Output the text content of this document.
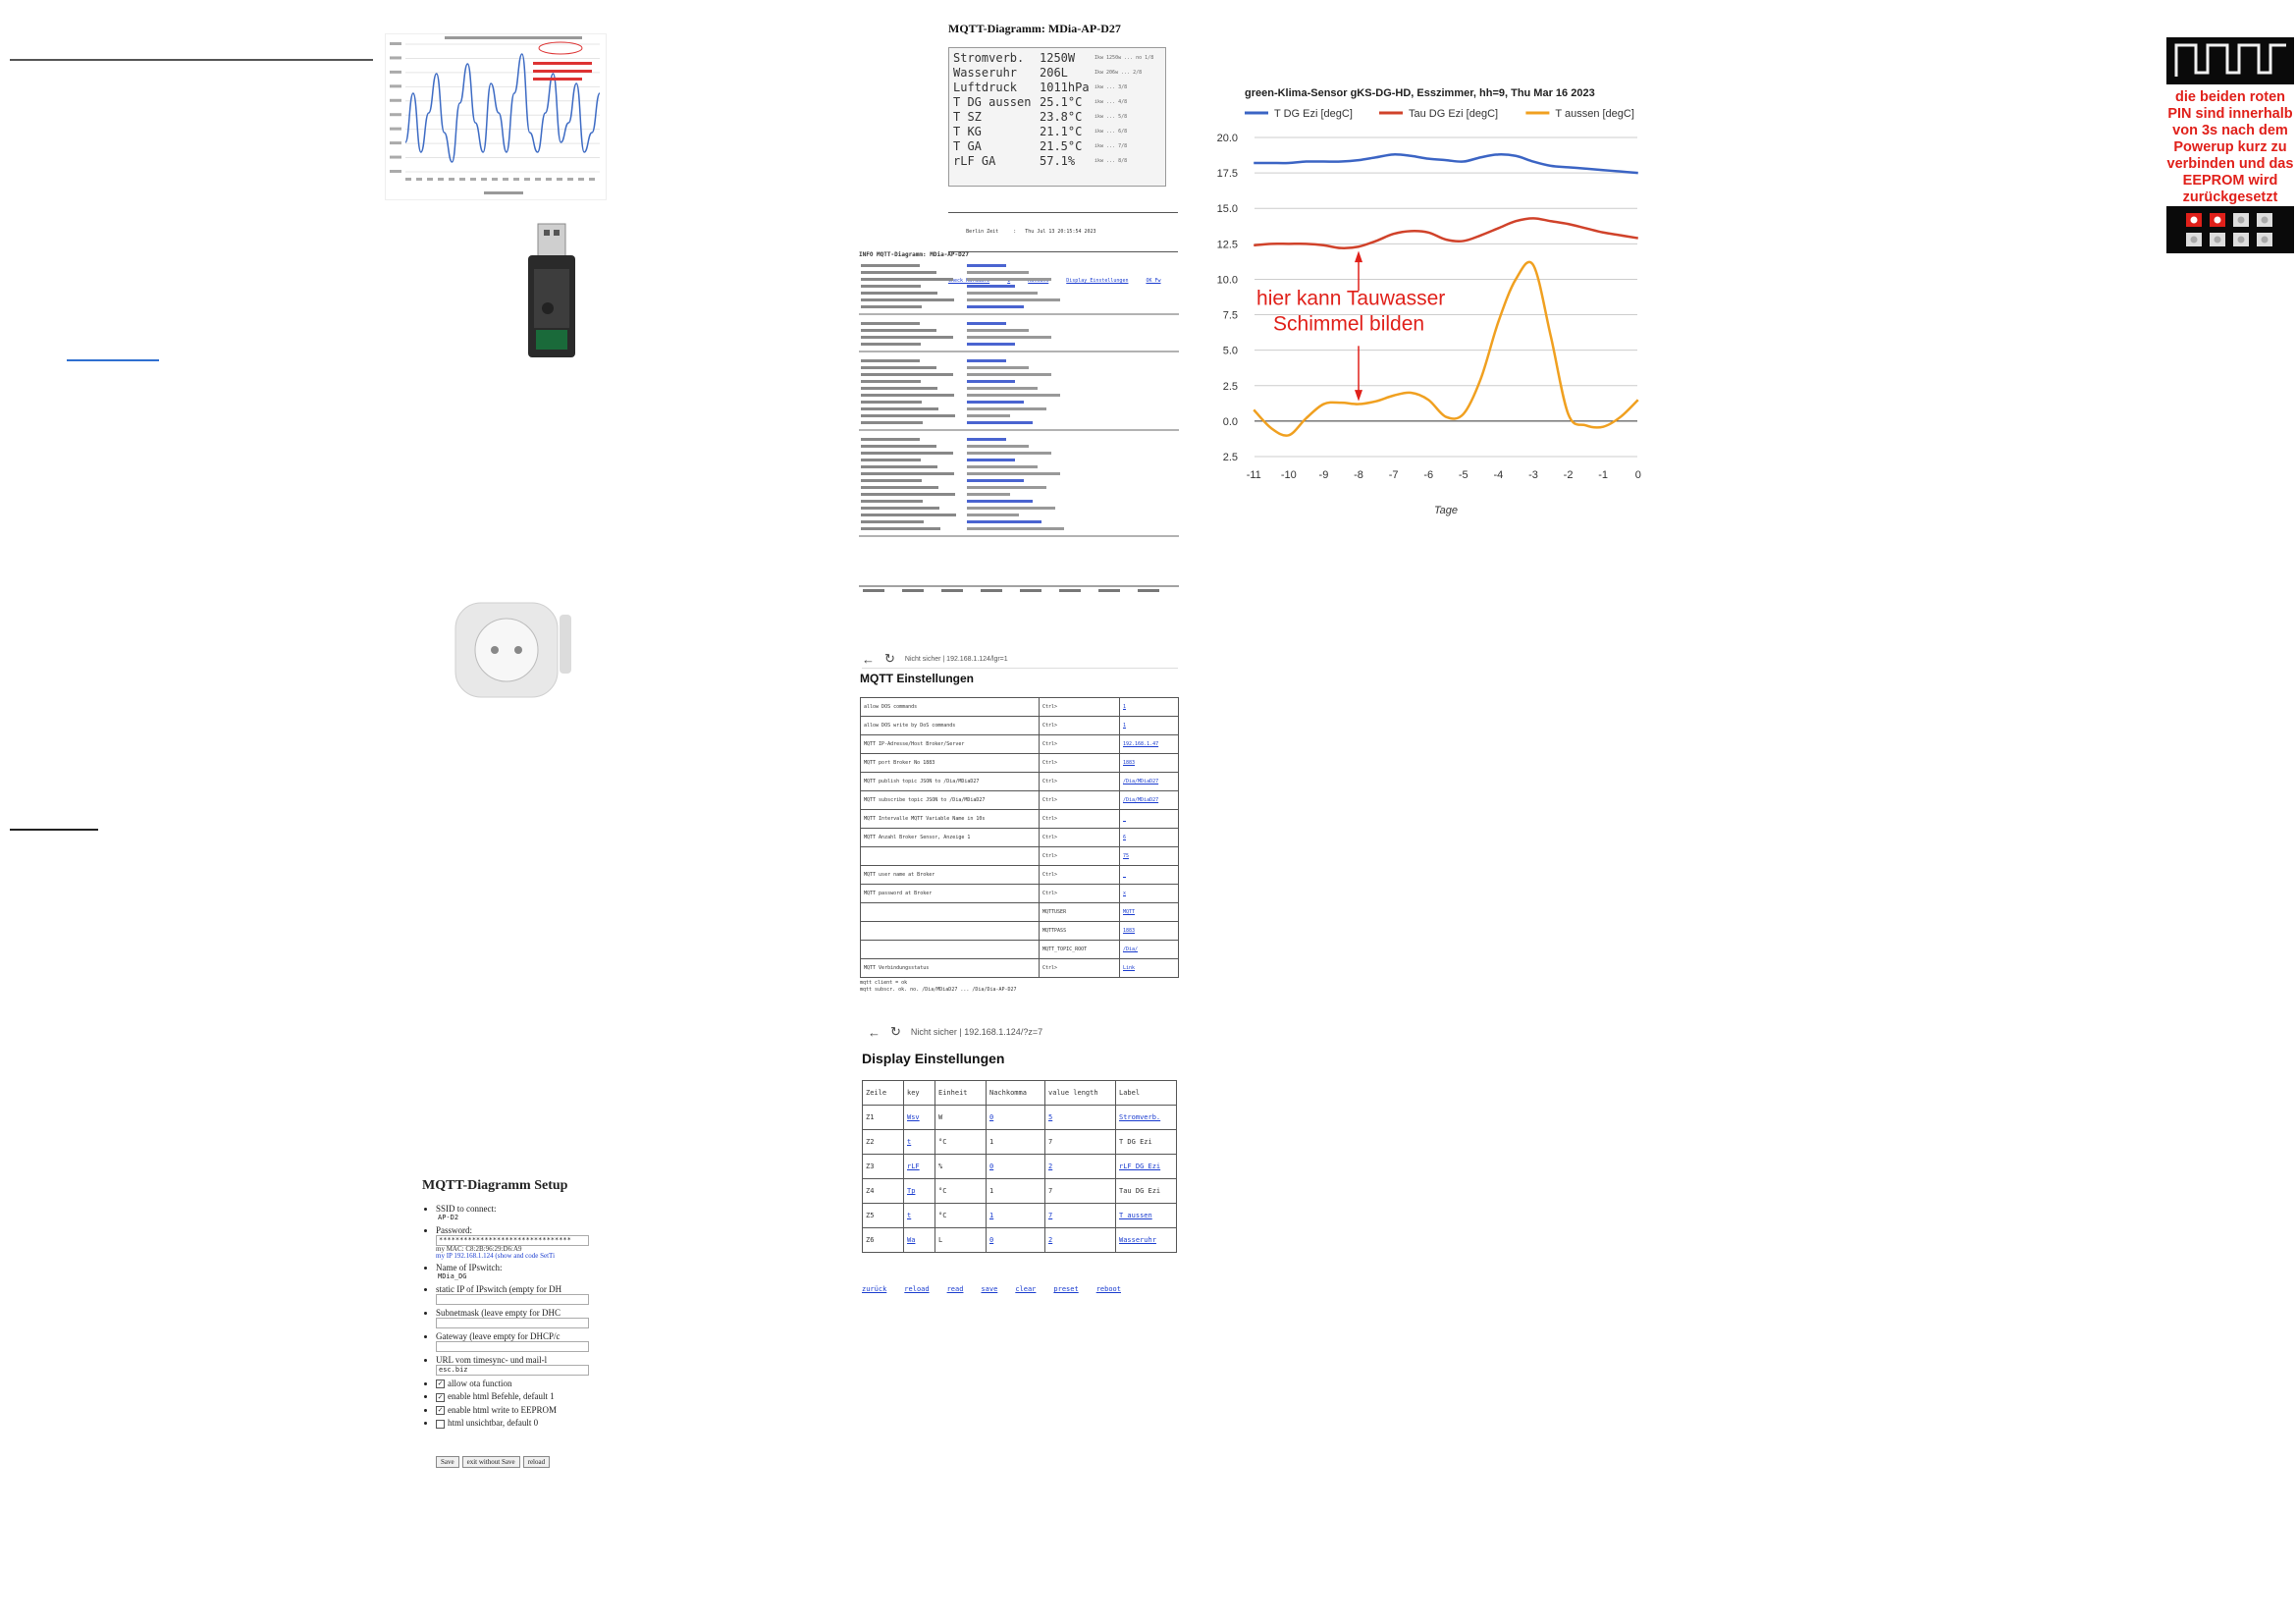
MQTT-Diagramm: MDia-AP-D27
Stromverb.	1250W	Ikw 1250w ... no 1/8
Wasseruhr	206L	Ikw 206w ... 2/8
Luftdruck	1011hPa	ikw ... 3/8
T DG aussen 25.1°C	ikw ... 4/8
T SZ	23.8°C	ikw ... 5/8
T KG	21.1°C	ikw ... 6/8
T GA	21.5°C	ikw ... 7/8
rLF GA	57.1%	ikw ... 8/8

Berlin Zeit     :   Thu Jul 13 20:15:54 2023

Check	Display Einstellungen	OK Fw

INFO MQTT-Diagramm: MDia-AP-D27
← ↻ Nicht sicher | 192.168.1.124/lgr=1
MQTT Einstellungen
allow DOS commands	Ctrl>	1
allow DOS write by DoS commands	Ctrl>	1
MQTT IP-Adresse/Host Broker/Server	Ctrl>	192.168.1.47
MQTT port Broker No 1883	Ctrl>	1883
MQTT publish topic JSON to /Dia/MDiaD27	Ctrl>	/Dia/MDiaD27
MQTT subscribe topic JSON to /Dia/MDiaD27	Ctrl>	/Dia/MDiaD27
MQTT Intervalle MQTT Variable Name in 10s	Ctrl>	_
MQTT Anzahl Broker Sensor, Anzeige 1	Ctrl>	6
	Ctrl>	75
MQTT user name at Broker	Ctrl>	_
MQTT password at Broker	Ctrl>	x
	MQTTUSER	MQTT
	MQTTPASS	1883
	MQTT_TOPIC_ROOT	/Dia/
MQTT Verbindungsstatus	Ctrl>	Link
mqtt client = ok
mqtt subscr. ok. no. /Dia/MDiaD27 ... /Dia/Dia-AP-D27
← ↻ Nicht sicher | 192.168.1.124/?z=7
Display Einstellungen
Zeile	key	Einheit	Nachkomma	value length	Label
Z1	Wsv	W	0	5	Stromverb.
Z2	t	°C	1	7	T DG Ezi
Z3	rLF	%	0	2	rLF DG Ezi
Z4	Tp	°C	1	7	Tau DG Ezi
Z5	t	°C	1	7	T aussen
Z6	Wa	L	0	2	Wasseruhr
zurück	reload	read	save	clear	preset	reboot
MQTT-Diagramm Setup
• SSID to connect:
AP-D2
• Password:
********************************
my MAC: C8:2B:96:29:D6:A9
my IP 192.168.1.124 (show and code SetTi
• Name of IPswitch:
MDia_DG
• static IP of IPswitch (empty for DH
• Subnetmask (leave empty for DHC
• Gateway (leave empty for DHCP/c
• URL vom timesync- und mail-l
esc.biz
• ✓ allow ota function
• ✓ enable html Befehle, default 1
• ✓ enable html write to EEPROM
• html unsichtbar, default 0
Save exit without Save reload
green-Klima-Sensor gKS-DG-HD, Esszimmer, hh=9, Thu Mar 16 2023
T DG Ezi [degC]	Tau DG Ezi [degC]	T aussen [degC]
20.0
17.5
15.0
12.5
10.0
7.5
5.0
2.5
0.0
2.5
-11 -10 -9 -8 -7 -6 -5 -4 -3 -2 -1	0
Tage
hier kann Tauwasser
Schimmel bilden
die beiden roten
PIN sind innerhalb
von 3s nach dem
Powerup kurz zu
verbinden und das
EEPROM wird
zurückgesetzt
